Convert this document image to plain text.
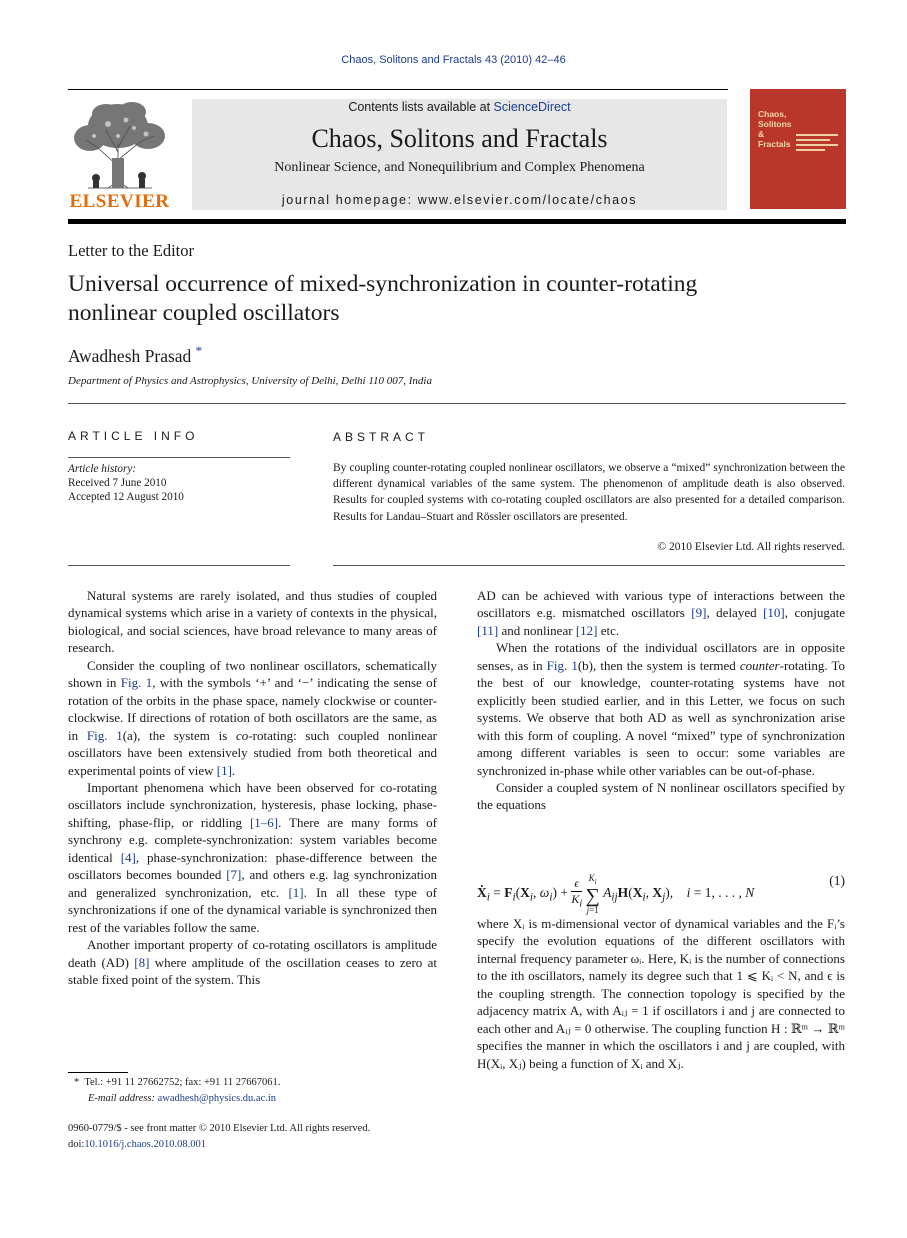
Chaos, Solitons and Fractals 43 (2010) 42–46
ELSEVIER
Contents lists available at ScienceDirect
Chaos, Solitons and Fractals
Nonlinear Science, and Nonequilibrium and Complex Phenomena
journal homepage: www.elsevier.com/locate/chaos
Chaos, Solitons & Fractals
Letter to the Editor
Universal occurrence of mixed-synchronization in counter-rotating
nonlinear coupled oscillators
Awadhesh Prasad *
Department of Physics and Astrophysics, University of Delhi, Delhi 110 007, India
ARTICLE INFO
Article history:
Received 7 June 2010
Accepted 12 August 2010
ABSTRACT
By coupling counter-rotating coupled nonlinear oscillators, we observe a “mixed” synchronization between the different dynamical variables of the same system. The phenomenon of amplitude death is also observed. Results for coupled systems with co-rotating coupled oscillators are also presented for a detailed comparison. Results for Landau–Stuart and Rössler oscillators are presented.
© 2010 Elsevier Ltd. All rights reserved.

Natural systems are rarely isolated, and thus studies of coupled dynamical systems which arise in a variety of contexts in the physical, biological, and social sciences, have broad relevance to many areas of research.

Consider the coupling of two nonlinear oscillators, schematically shown in Fig. 1, with the symbols ‘+’ and ‘−’ indicating the sense of rotation of the orbits in the phase space, namely clockwise or counter-clockwise. If directions of rotation of both oscillators are the same, as in Fig. 1(a), the system is co-rotating: such coupled nonlinear oscillators have been extensively studied from both theoretical and experimental points of view [1].

Important phenomena which have been observed for co-rotating oscillators include synchronization, hysteresis, phase locking, phase-shifting, phase-flip, or riddling [1–6]. There are many forms of synchrony e.g. complete-synchronization: system variables become identical [4], phase-synchronization: phase-difference between the oscillators becomes bounded [7], and others e.g. lag synchronization and generalized synchronization, etc. [1]. In all these type of synchronizations if one of the dynamical variable is synchronized then rest of the variables follow the same.

Another important property of co-rotating oscillators is amplitude death (AD) [8] where amplitude of the oscillation ceases to zero at stable fixed point of the system. This

AD can be achieved with various type of interactions between the oscillators e.g. mismatched oscillators [9], delayed [10], conjugate [11] and nonlinear [12] etc.

When the rotations of the individual oscillators are in opposite senses, as in Fig. 1(b), then the system is termed counter-rotating. To the best of our knowledge, counter-rotating systems have not explicitly been studied earlier, and in this Letter, we focus on such systems. We observe that both AD as well as synchronization arise with this form of coupling. A novel “mixed” type of synchronization among different variables is seen to occur: some variables are synchronized in-phase while other variables can be out-of-phase.

Consider a coupled system of N nonlinear oscillators specified by the equations

Ẋ$_i$ = $F_i(X_i$, $\omega_i) + \frac{\epsilon}{K_i}$
$K_i$
∑
j=1
$A_{ij}H(X_i$, $X_j$),    i = 1, . . . , N
(1)

where Xᵢ is m-dimensional vector of dynamical variables and the Fᵢ’s specify the evolution equations of the different oscillators with internal frequency parameter ωᵢ. Here, Kᵢ is the number of connections to the ith oscillators, namely its degree such that 1 ⩽ Kᵢ < N, and ϵ is the coupling strength. The connection topology is specified by the adjacency matrix A, with Aᵢⱼ = 1 if oscillators i and j are connected to each other and Aᵢⱼ = 0 otherwise. The coupling function H : ℝᵐ → ℝᵐ specifies the manner in which the oscillators i and j are coupled, with H(Xᵢ, Xⱼ) being a function of Xᵢ and Xⱼ.

* Tel.: +91 11 27662752; fax: +91 11 27667061.
E-mail address: awadhesh@physics.du.ac.in
0960-0779/$ - see front matter © 2010 Elsevier Ltd. All rights reserved.
doi:10.1016/j.chaos.2010.08.001
